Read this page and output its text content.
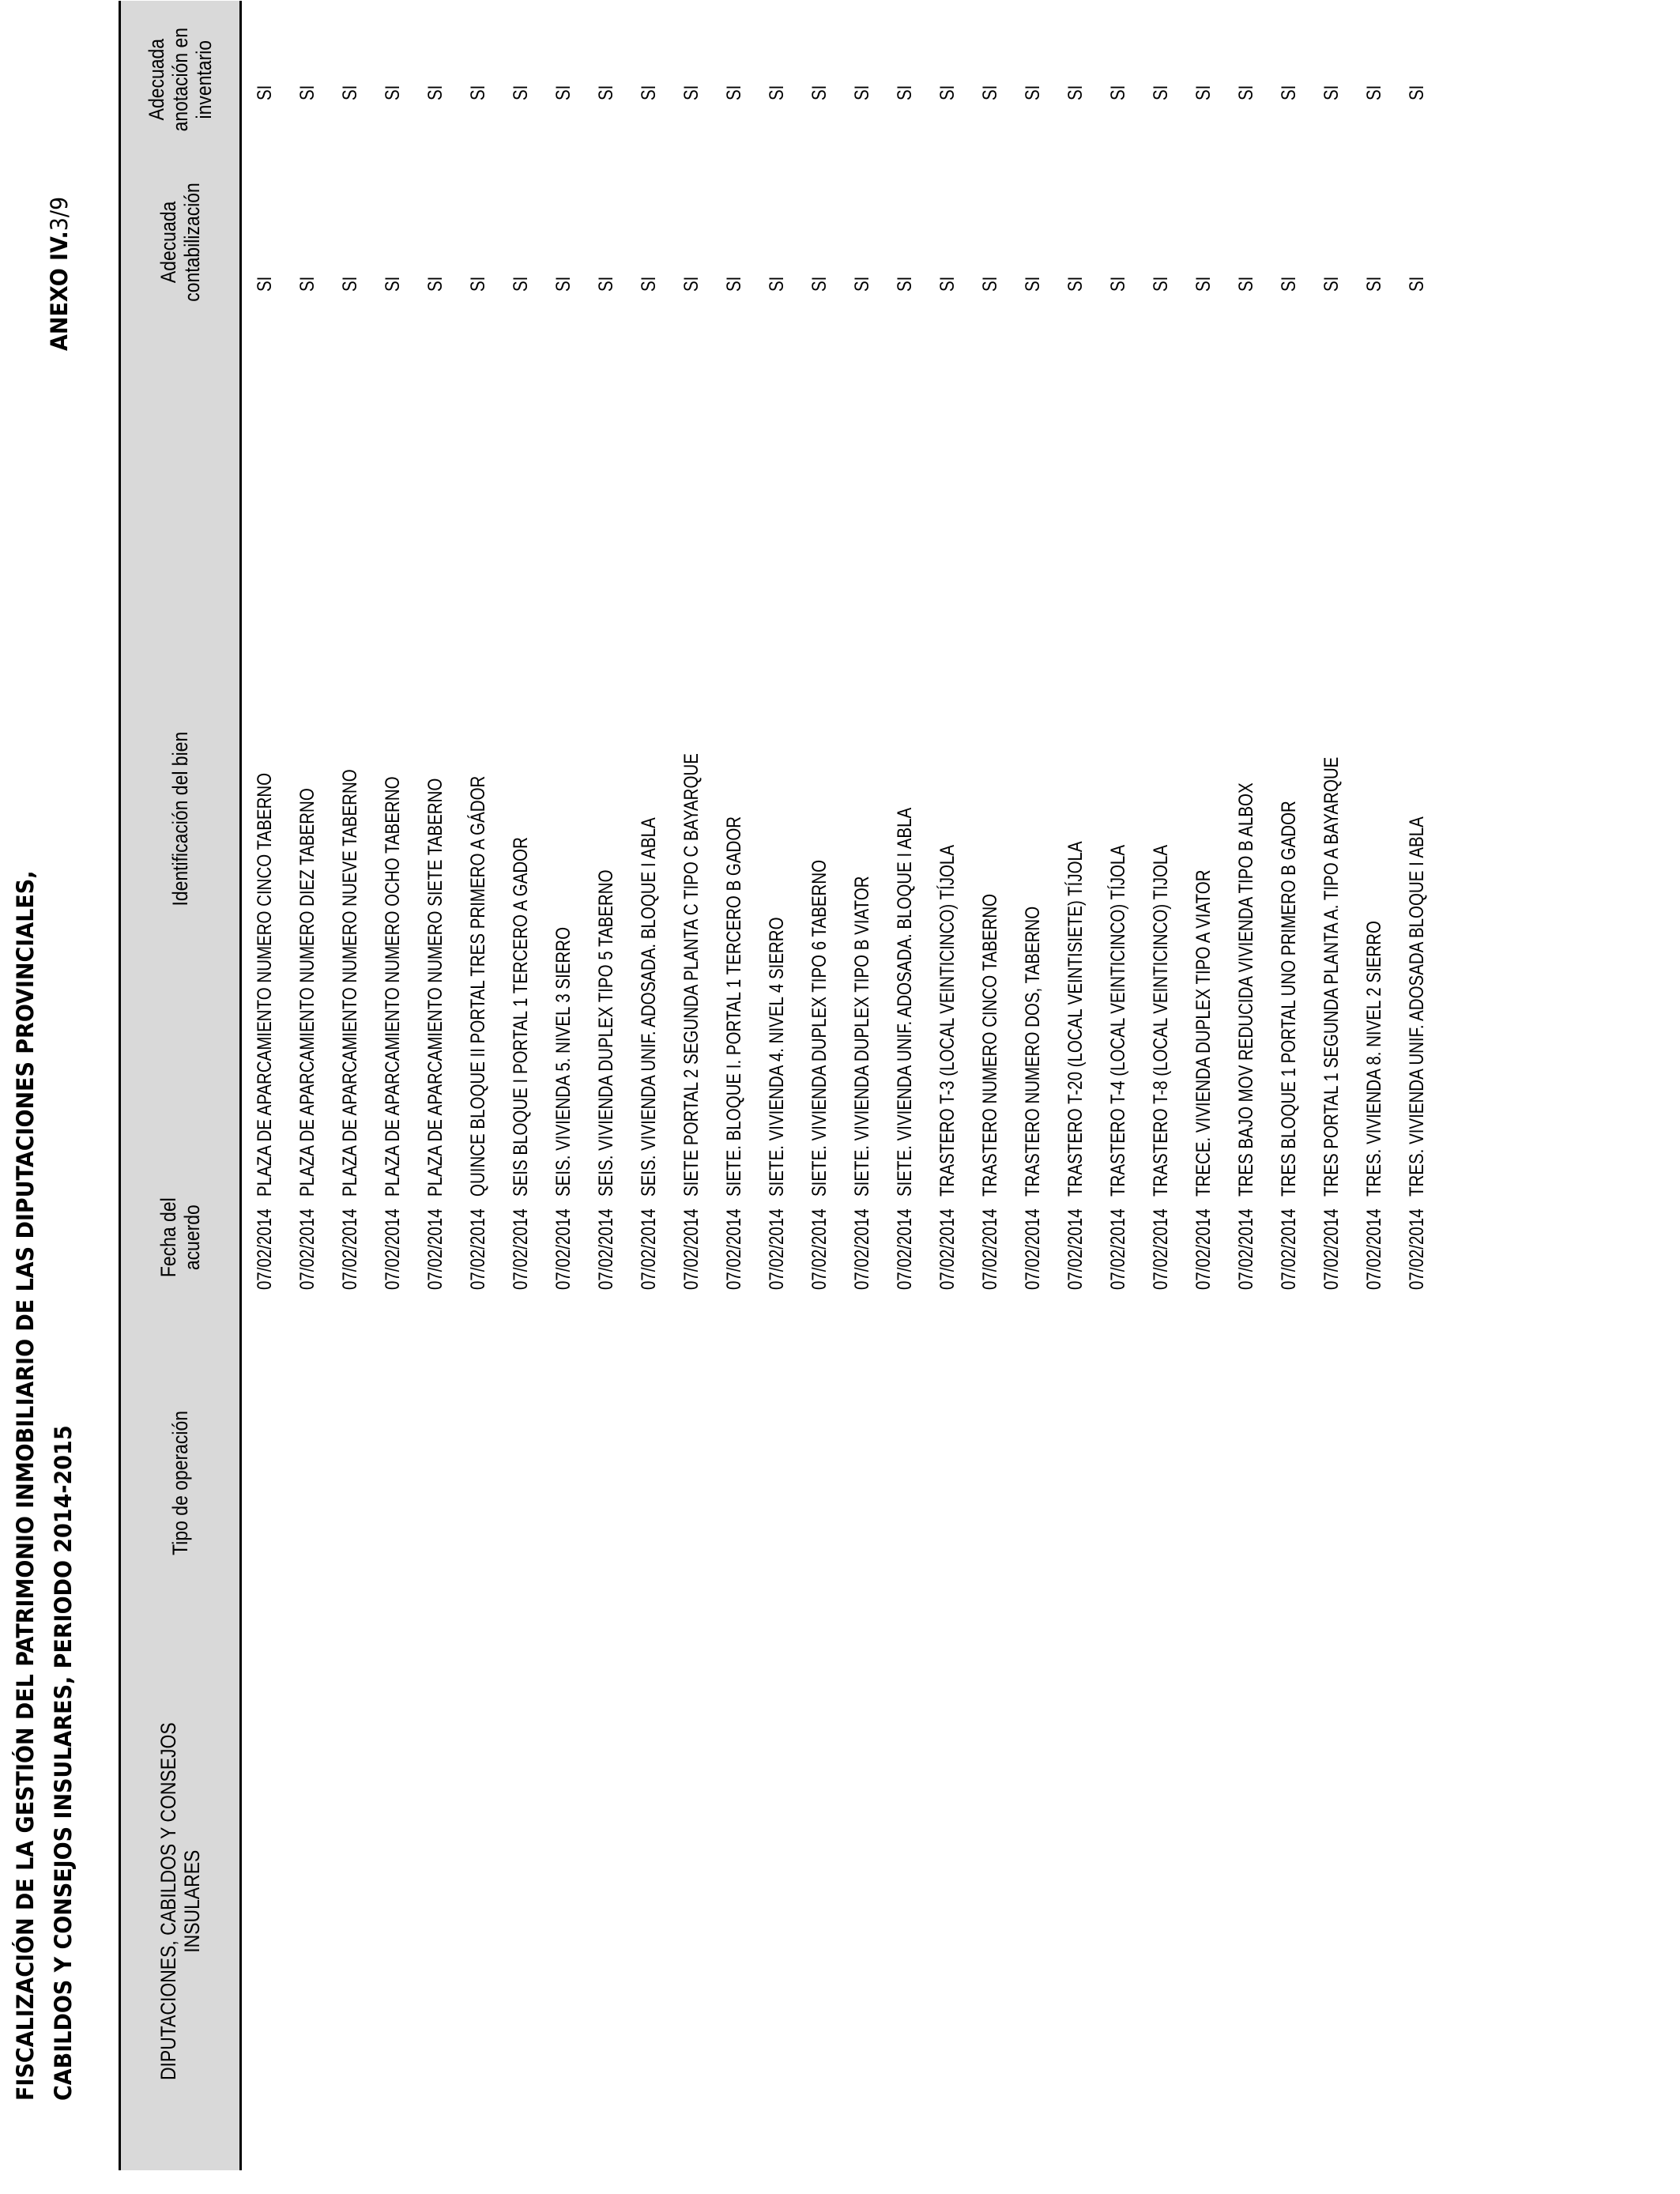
FISCALIZACIÓN DE LA GESTIÓN DEL PATRIMONIO INMOBILIARIO DE LAS DIPUTACIONES PROVINCIALES, CABILDOS Y CONSEJOS INSULARES, PERIODO 2014-2015
ANEXO IV.3/9
DIPUTACIONES, CABILDOS Y CONSEJOS INSULARES
Tipo de operación
Fecha del acuerdo
Identificación del bien
Adecuada contabilización
Adecuada anotación en inventario
07/02/2014
PLAZA DE APARCAMIENTO NUMERO CINCO TABERNO
SI
SI
07/02/2014
PLAZA DE APARCAMIENTO NUMERO DIEZ TABERNO
SI
SI
07/02/2014
PLAZA DE APARCAMIENTO NUMERO NUEVE TABERNO
SI
SI
07/02/2014
PLAZA DE APARCAMIENTO NUMERO OCHO TABERNO
SI
SI
07/02/2014
PLAZA DE APARCAMIENTO NUMERO SIETE TABERNO
SI
SI
07/02/2014
QUINCE BLOQUE II PORTAL TRES PRIMERO A GÁDOR
SI
SI
07/02/2014
SEIS BLOQUE I PORTAL 1 TERCERO A GADOR
SI
SI
07/02/2014
SEIS. VIVIENDA 5. NIVEL 3 SIERRO
SI
SI
07/02/2014
SEIS. VIVIENDA DUPLEX TIPO 5 TABERNO
SI
SI
07/02/2014
SEIS. VIVIENDA UNIF. ADOSADA. BLOQUE I ABLA
SI
SI
07/02/2014
SIETE PORTAL 2 SEGUNDA PLANTA C TIPO C BAYARQUE
SI
SI
07/02/2014
SIETE. BLOQUE I. PORTAL 1 TERCERO B GADOR
SI
SI
07/02/2014
SIETE. VIVIENDA 4. NIVEL 4 SIERRO
SI
SI
07/02/2014
SIETE. VIVIENDA DUPLEX TIPO 6 TABERNO
SI
SI
07/02/2014
SIETE. VIVIENDA DUPLEX TIPO B VIATOR
SI
SI
07/02/2014
SIETE. VIVIENDA UNIF. ADOSADA. BLOQUE I ABLA
SI
SI
07/02/2014
TRASTERO T-3 (LOCAL VEINTICINCO) TÍJOLA
SI
SI
07/02/2014
TRASTERO NUMERO CINCO TABERNO
SI
SI
07/02/2014
TRASTERO NUMERO DOS, TABERNO
SI
SI
07/02/2014
TRASTERO T-20 (LOCAL VEINTISIETE) TÍJOLA
SI
SI
07/02/2014
TRASTERO T-4 (LOCAL VEINTICINCO) TÍJOLA
SI
SI
07/02/2014
TRASTERO T-8 (LOCAL VEINTICINCO) TIJOLA
SI
SI
07/02/2014
TRECE. VIVIENDA DUPLEX TIPO A VIATOR
SI
SI
07/02/2014
TRES BAJO MOV REDUCIDA VIVIENDA TIPO B ALBOX
SI
SI
07/02/2014
TRES BLOQUE 1 PORTAL UNO PRIMERO B GADOR
SI
SI
07/02/2014
TRES PORTAL 1 SEGUNDA PLANTA A. TIPO A BAYARQUE
SI
SI
07/02/2014
TRES. VIVIENDA 8. NIVEL 2 SIERRO
SI
SI
07/02/2014
TRES. VIVIENDA UNIF. ADOSADA BLOQUE I ABLA
SI
SI
